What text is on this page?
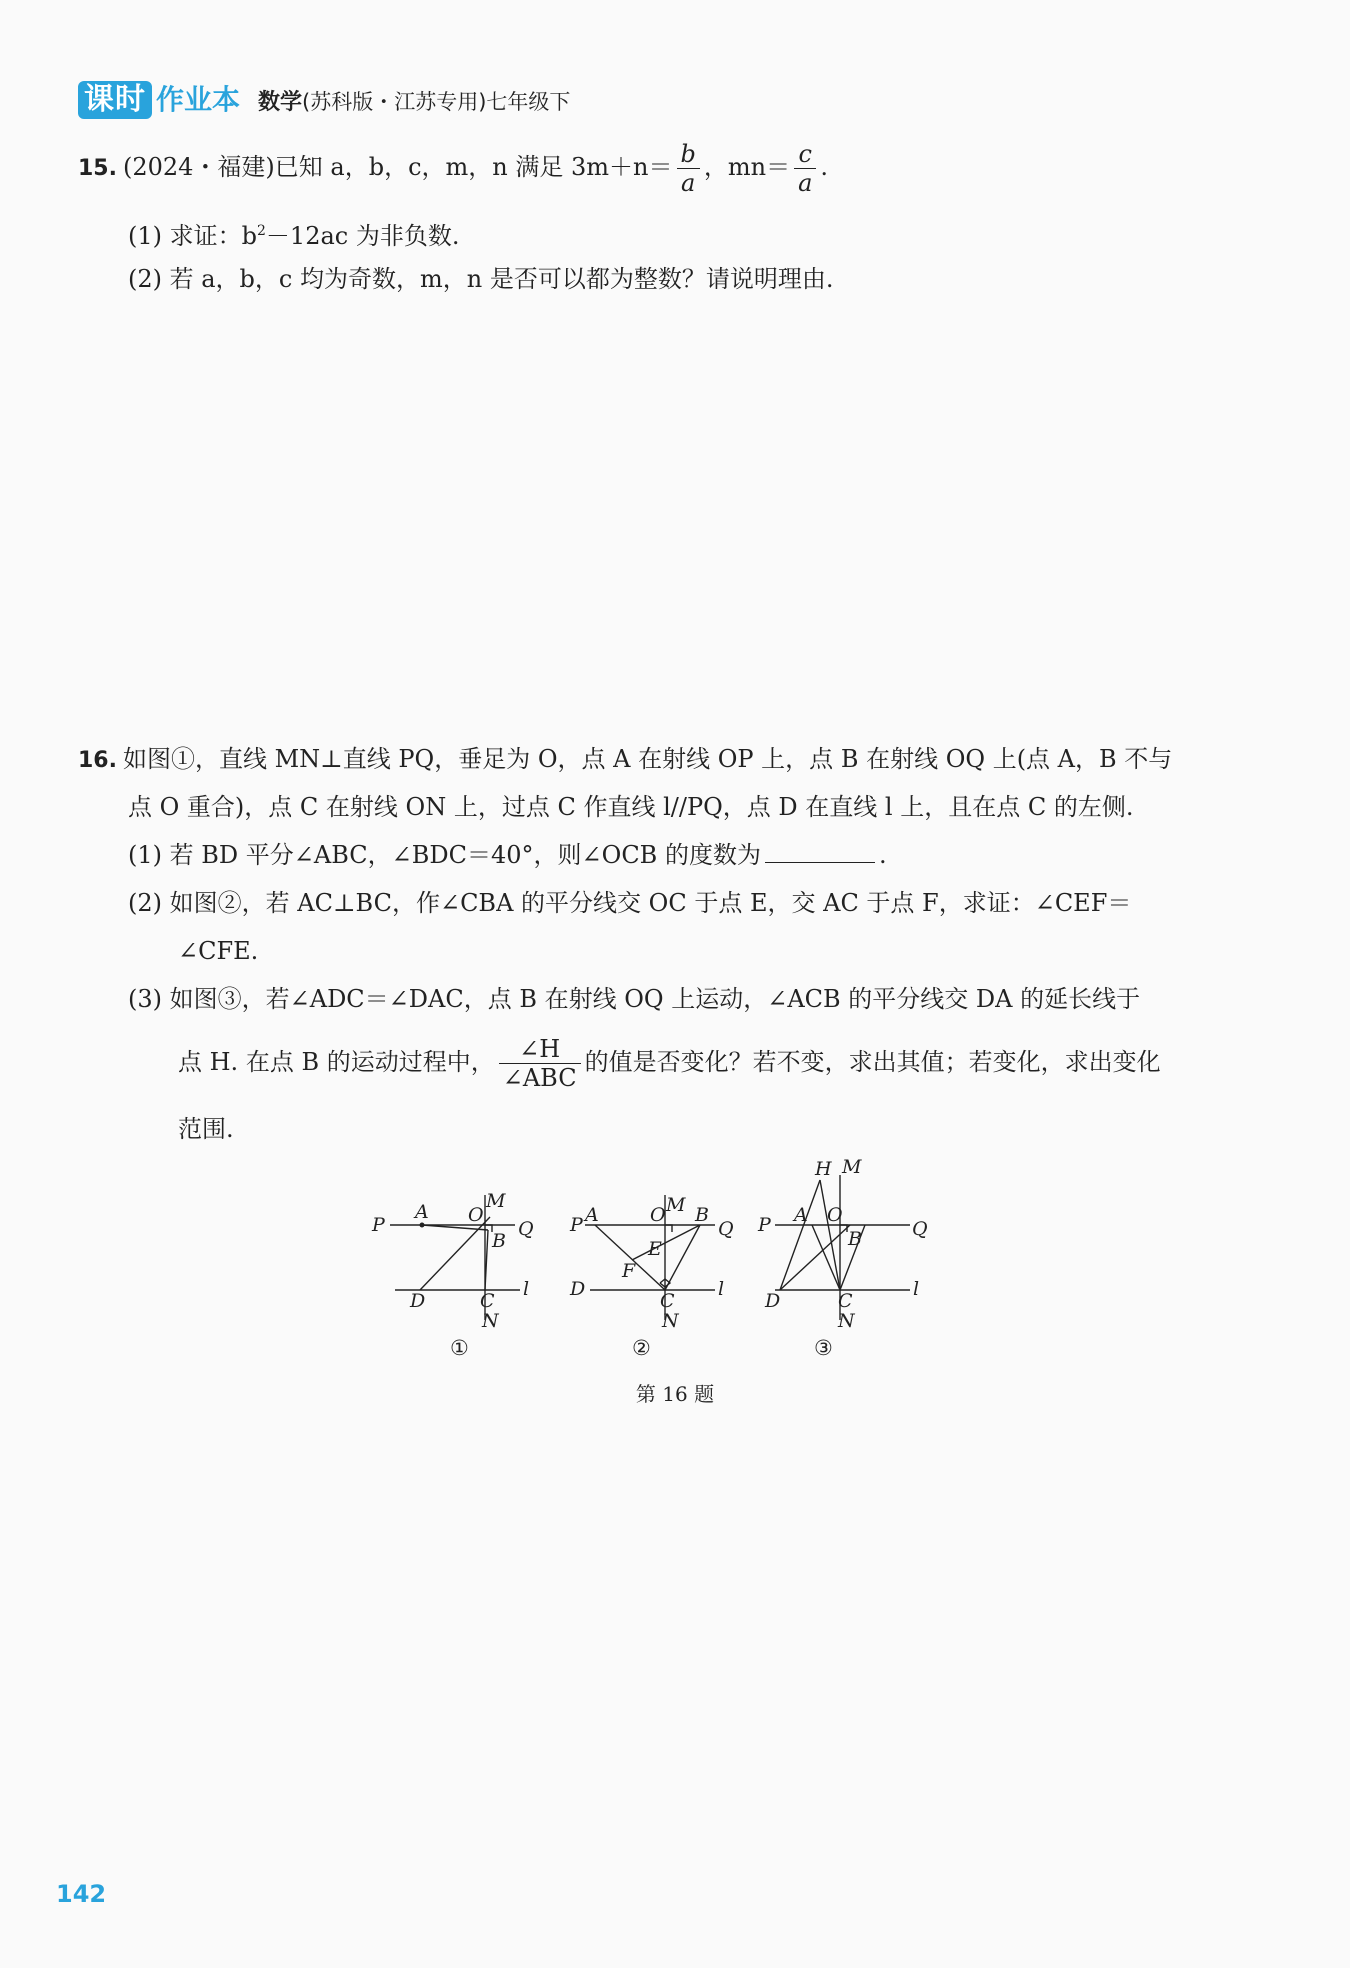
课时 作业本 数学 (苏科版・江苏专用)七年级下
15. (2024・福建)已知 a，b，c，m，n 满足 $3m+n= \frac{b}{a}$ ，$mn= \frac{c}{a}$ .
(1) 求证：$b^2-12ac$ 为非负数.
(2) 若 a，b，c 均为奇数，m，n 是否可以都为整数？请说明理由.
16. 如图①，直线 MN⊥直线 PQ，垂足为 O，点 A 在射线 OP 上，点 B 在射线 OQ 上(点 A，B 不与
点 O 重合)，点 C 在射线 ON 上，过点 C 作直线 l//PQ，点 D 在直线 l 上，且在点 C 的左侧.
(1) 若 BD 平分∠ABC，∠BDC＝40°，则∠OCB 的度数为	.
(2) 如图②，若 AC⊥BC，作∠CBA 的平分线交 OC 于点 E，交 AC 于点 F，求证：∠CEF＝
∠CFE.
(3) 如图③，若∠ADC＝∠DAC，点 B 在射线 OQ 上运动，∠ACB 的平分线交 DA 的延长线于
点 H. 在点 B 的运动过程中， $\frac{\angle H}{\text{∠ABC}}$ 的值是否变化？若不变，求出其值；若变化，求出变化
范围.
P	Q
A O
M
B
C
N
D
l
①
P A	O M B
Q
E
F
D
C
N
l
②
H M
P A O
B	Q
D	C
N
l
③
第 16 题
142
